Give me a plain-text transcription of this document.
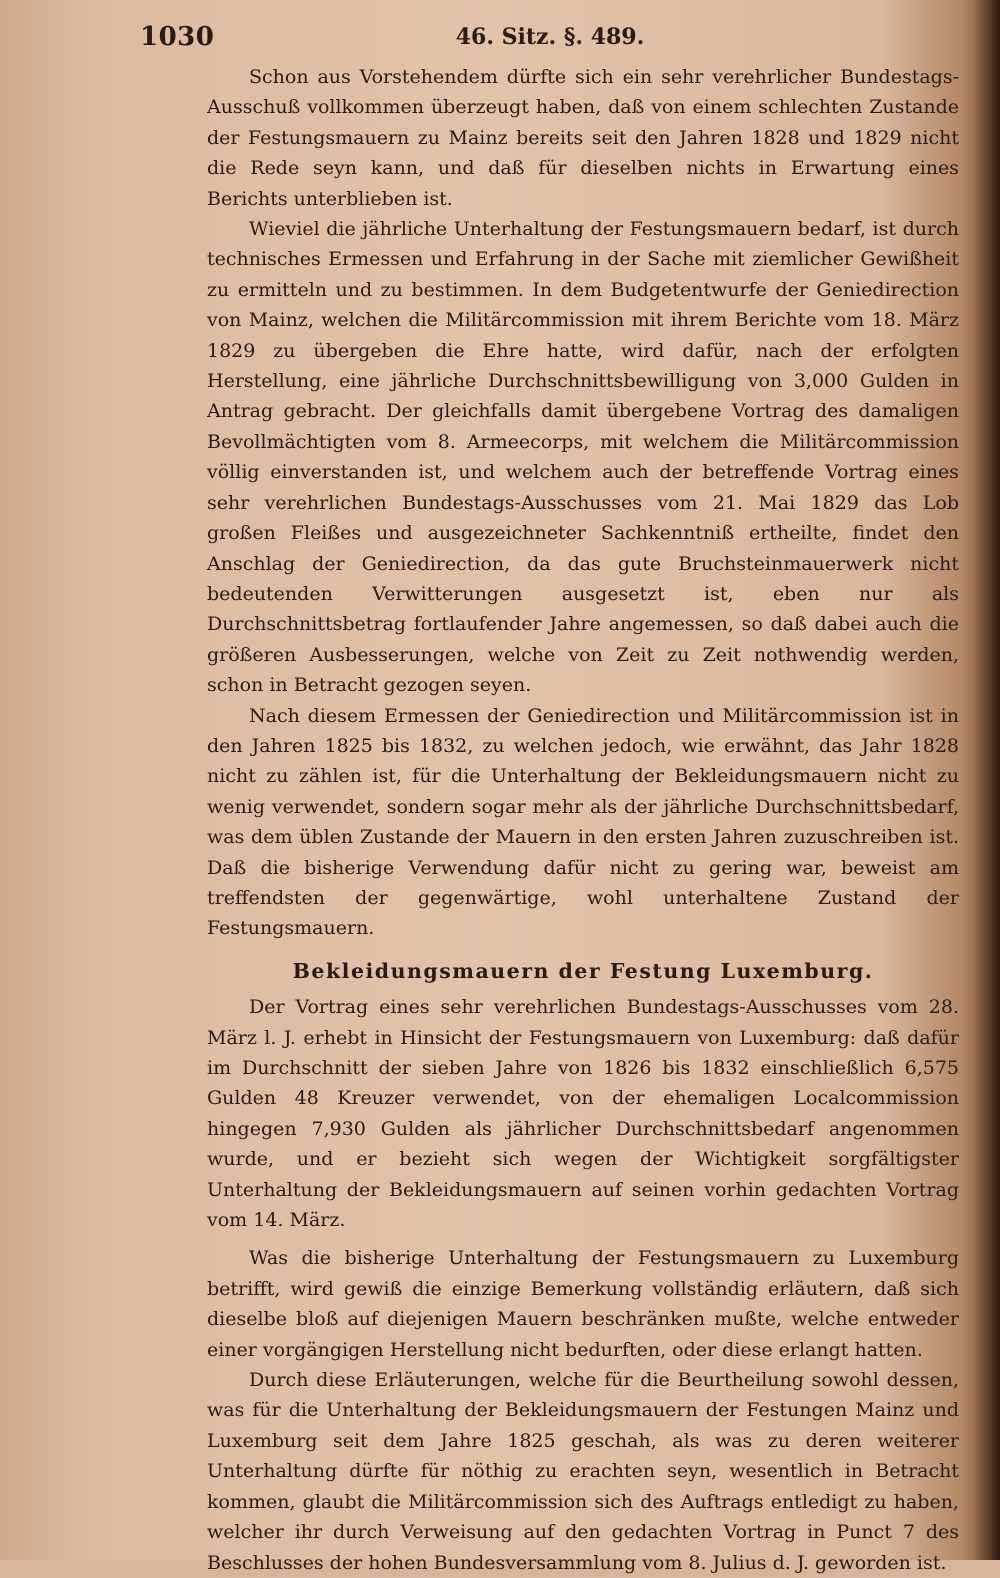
1030	46. Sitz. §. 489.

Schon aus Vorstehendem dürfte sich ein sehr verehrlicher Bundestags-Ausschuß vollkommen überzeugt haben, daß von einem schlechten Zustande der Festungsmauern zu Mainz bereits seit den Jahren 1828 und 1829 nicht die Rede seyn kann, und daß für dieselben nichts in Erwartung eines Berichts unterblieben ist.

Wieviel die jährliche Unterhaltung der Festungsmauern bedarf, ist durch technisches Ermessen und Erfahrung in der Sache mit ziemlicher Gewißheit zu ermitteln und zu bestimmen. In dem Budgetentwurfe der Geniedirection von Mainz, welchen die Militärcommission mit ihrem Berichte vom 18. März 1829 zu übergeben die Ehre hatte, wird dafür, nach der erfolgten Herstellung, eine jährliche Durchschnittsbewilligung von 3,000 Gulden in Antrag gebracht. Der gleichfalls damit übergebene Vortrag des damaligen Bevollmächtigten vom 8. Armeecorps, mit welchem die Militärcommission völlig einverstanden ist, und welchem auch der betreffende Vortrag eines sehr verehrlichen Bundestags-Ausschusses vom 21. Mai 1829 das Lob großen Fleißes und ausgezeichneter Sachkenntniß ertheilte, findet den Anschlag der Geniedirection, da das gute Bruchsteinmauerwerk nicht bedeutenden Verwitterungen ausgesetzt ist, eben nur als Durchschnittsbetrag fortlaufender Jahre angemessen, so daß dabei auch die größeren Ausbesserungen, welche von Zeit zu Zeit nothwendig werden, schon in Betracht gezogen seyen.

Nach diesem Ermessen der Geniedirection und Militärcommission ist in den Jahren 1825 bis 1832, zu welchen jedoch, wie erwähnt, das Jahr 1828 nicht zu zählen ist, für die Unterhaltung der Bekleidungsmauern nicht zu wenig verwendet, sondern sogar mehr als der jährliche Durchschnittsbedarf, was dem üblen Zustande der Mauern in den ersten Jahren zuzuschreiben ist. Daß die bisherige Verwendung dafür nicht zu gering war, beweist am treffendsten der gegenwärtige, wohl unterhaltene Zustand der Festungsmauern.

Bekleidungsmauern der Festung Luxemburg.

Der Vortrag eines sehr verehrlichen Bundestags-Ausschusses vom 28. März l. J. erhebt in Hinsicht der Festungsmauern von Luxemburg: daß dafür im Durchschnitt der sieben Jahre von 1826 bis 1832 einschließlich 6,575 Gulden 48 Kreuzer verwendet, von der ehemaligen Localcommission hingegen 7,930 Gulden als jährlicher Durchschnittsbedarf angenommen wurde, und er bezieht sich wegen der Wichtigkeit sorgfältigster Unterhaltung der Bekleidungsmauern auf seinen vorhin gedachten Vortrag vom 14. März.

Was die bisherige Unterhaltung der Festungsmauern zu Luxemburg betrifft, wird gewiß die einzige Bemerkung vollständig erläutern, daß sich dieselbe bloß auf diejenigen Mauern beschränken mußte, welche entweder einer vorgängigen Herstellung nicht bedurften, oder diese erlangt hatten.

Durch diese Erläuterungen, welche für die Beurtheilung sowohl dessen, was für die Unterhaltung der Bekleidungsmauern der Festungen Mainz und Luxemburg seit dem Jahre 1825 geschah, als was zu deren weiterer Unterhaltung dürfte für nöthig zu erachten seyn, wesentlich in Betracht kommen, glaubt die Militärcommission sich des Auftrags entledigt zu haben, welcher ihr durch Verweisung auf den gedachten Vortrag in Punct 7 des Beschlusses der hohen Bundesversammlung vom 8. Julius d. J. geworden ist.
